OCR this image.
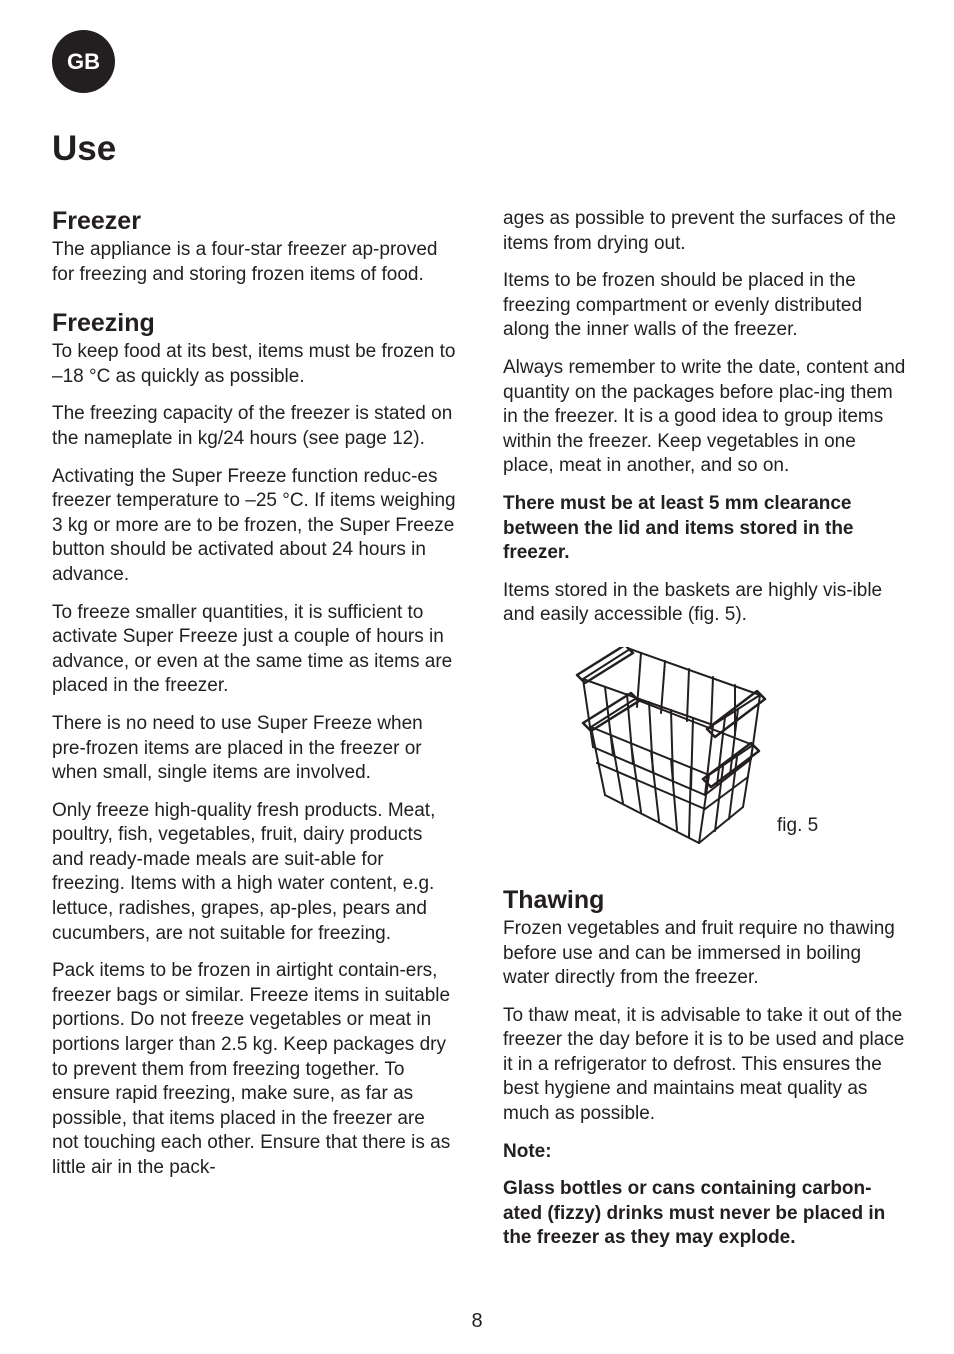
GB
Use
Freezer

The appliance is a four-star freezer ap-proved for freezing and storing frozen items of food.

Freezing

To keep food at its best, items must be frozen to –18 °C as quickly as possible.

The freezing capacity of the freezer is stated on the nameplate in kg/24 hours (see page 12).

Activating the Super Freeze function reduc-es freezer temperature to –25 °C. If items weighing 3 kg or more are to be frozen, the Super Freeze button should be activated about 24 hours in advance.

To freeze smaller quantities, it is sufficient to activate Super Freeze just a couple of hours in advance, or even at the same time as items are placed in the freezer.

There is no need to use Super Freeze when pre-frozen items are placed in the freezer or when small, single items are involved.

Only freeze high-quality fresh products. Meat, poultry, fish, vegetables, fruit, dairy products and ready-made meals are suit-able for freezing. Items with a high water content, e.g. lettuce, radishes, grapes, ap-ples, pears and cucumbers, are not suitable for freezing.

Pack items to be frozen in airtight contain-ers, freezer bags or similar. Freeze items in suitable portions. Do not freeze vegetables or meat in portions larger than 2.5 kg. Keep packages dry to prevent them from freezing together. To ensure rapid freezing, make sure, as far as possible, that items placed in the freezer are not touching each other. Ensure that there is as little air in the pack-

ages as possible to prevent the surfaces of the items from drying out.

Items to be frozen should be placed in the freezing compartment or evenly distributed along the inner walls of the freezer.

Always remember to write the date, content and quantity on the packages before plac-ing them in the freezer. It is a good idea to group items within the freezer. Keep vegetables in one place, meat in another, and so on.

There must be at least 5 mm clearance between the lid and items stored in the freezer.

Items stored in the baskets are highly vis-ible and easily accessible (fig. 5).

fig. 5
Thawing

Frozen vegetables and fruit require no thawing before use and can be immersed in boiling water directly from the freezer.

To thaw meat, it is advisable to take it out of the freezer the day before it is to be used and place it in a refrigerator to defrost. This ensures the best hygiene and maintains meat quality as much as possible.

Note:

Glass bottles or cans containing carbon-ated (fizzy) drinks must never be placed in the freezer as they may explode.

8
